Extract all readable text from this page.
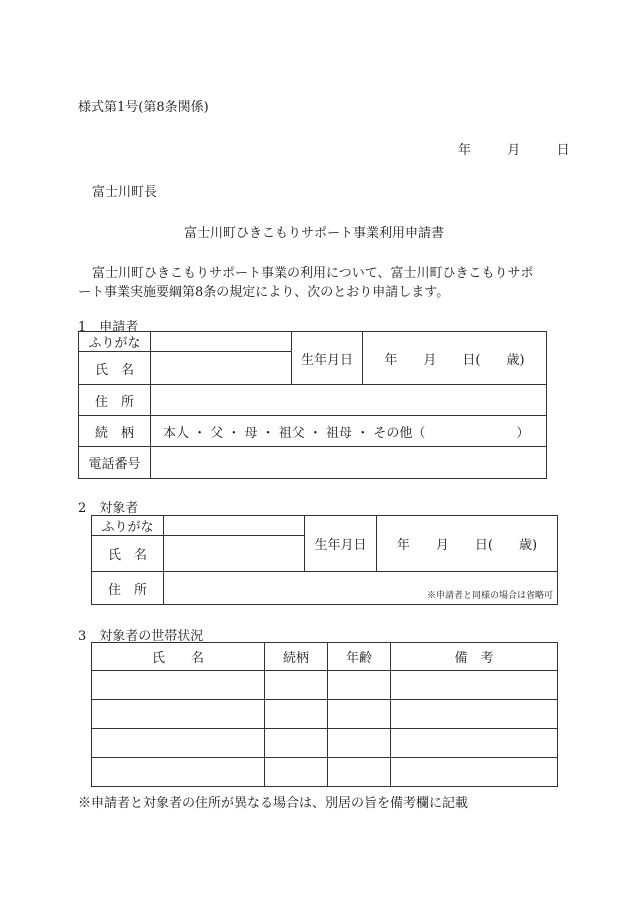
様式第1号(第8条関係)
年	月	日
富士川町長
富士川町ひきこもりサポート事業利用申請書
富士川町ひきこもりサポート事業の利用について、富士川町ひきこもりサポ
ート事業実施要綱第8条の規定により、次のとおり申請します。
1　申請者
ふりがな		生年月日	年　　月　　日(　　歳)
氏　名			
住　所			
続　柄	本人 ・ 父 ・ 母 ・ 祖父 ・ 祖母 ・ その他（　　　　　　　）		
電話番号			
2　対象者
ふりがな		生年月日	年　　月　　日(　　歳)
氏　名			
住　所	※申請者と同様の場合は省略可		
3　対象者の世帯状況
氏　　名	続柄	年齢	備　考

※申請者と対象者の住所が異なる場合は、別居の旨を備考欄に記載
